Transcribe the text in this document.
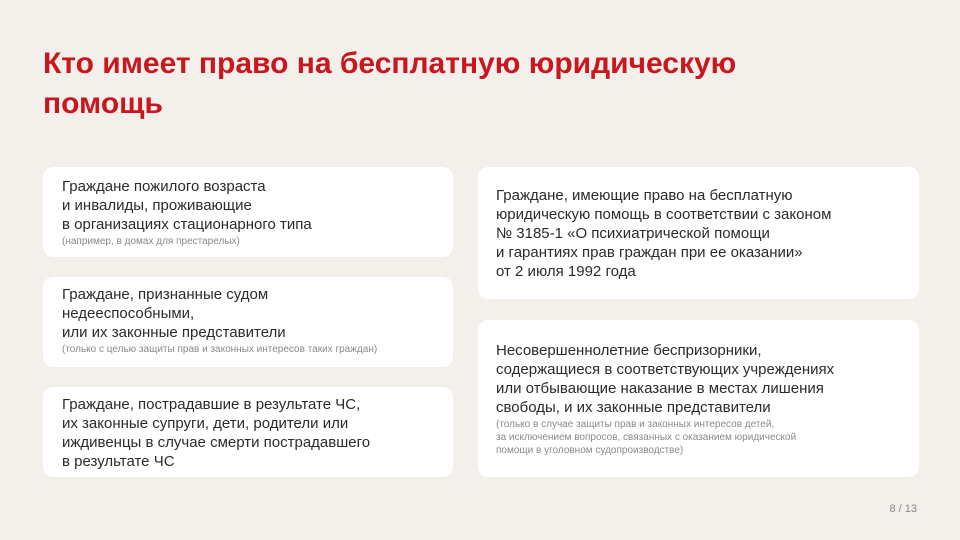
Кто имеет право на бесплатную юридическую помощь
Граждане пожилого возраста
и инвалиды, проживающие
в организациях стационарного типа
(например, в домах для престарелых)
Граждане, признанные судом
недееспособными,
или их законные представители
(только с целью защиты прав и законных интересов таких граждан)
Граждане, пострадавшие в результате ЧС,
их законные супруги, дети, родители или
иждивенцы в случае смерти пострадавшего
в результате ЧС
Граждане, имеющие право на бесплатную
юридическую помощь в соответствии с законом
№ 3185-1 «О психиатрической помощи
и гарантиях прав граждан при ее оказании»
от 2 июля 1992 года
Несовершеннолетние беспризорники,
содержащиеся в соответствующих учреждениях
или отбывающие наказание в местах лишения
свободы, и их законные представители
(только в случае защиты прав и законных интересов детей,
за исключением вопросов, связанных с оказанием юридической
помощи в уголовном судопроизводстве)
8 / 13
